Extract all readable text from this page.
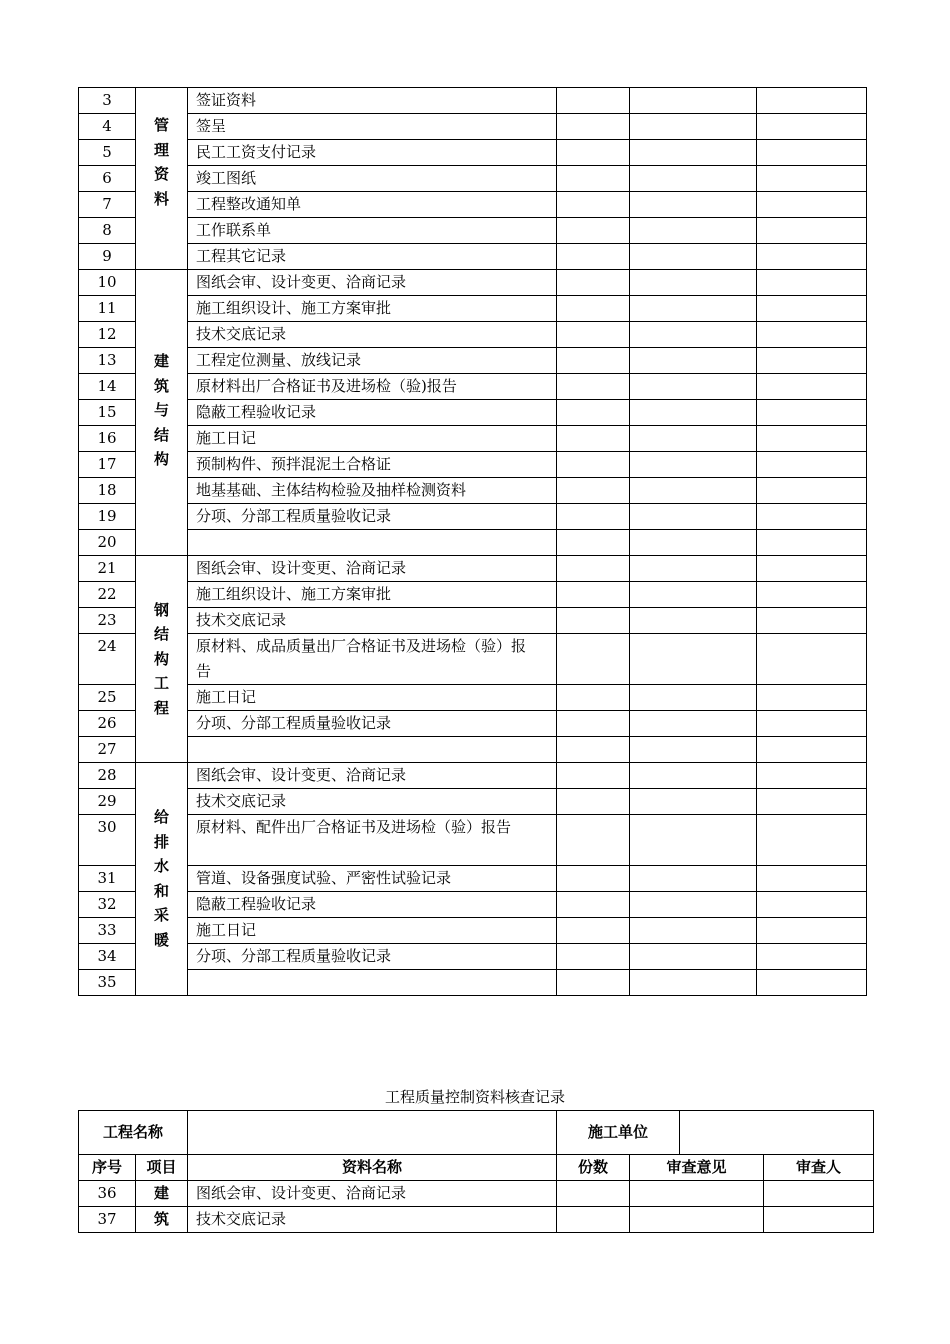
3	管理资料	签证资料			

4		签呈			

5		民工工资支付记录			

6		竣工图纸			

7		工程整改通知单			

8		工作联系单			

9		工程其它记录			

10	建筑与结构	图纸会审、设计变更、洽商记录			

11		施工组织设计、施工方案审批			

12		技术交底记录			

13		工程定位测量、放线记录			

14		原材料出厂合格证书及进场检（验)报告			

15		隐蔽工程验收记录			

16		施工日记			

17		预制构件、预拌混泥土合格证			

18		地基基础、主体结构检验及抽样检测资料			

19		分项、分部工程质量验收记录			

20		

21	钢结构工程	图纸会审、设计变更、洽商记录			

22		施工组织设计、施工方案审批			

23		技术交底记录			

24		原材料、成品质量出厂合格证书及进场检（验）报告			

25		施工日记			

26		分项、分部工程质量验收记录			

27		

28	给排水和采暖	图纸会审、设计变更、洽商记录			

29		技术交底记录			

30		原材料、配件出厂合格证书及进场检（验）报告			

31		管道、设备强度试验、严密性试验记录			

32		隐蔽工程验收记录			

33		施工日记			

34		分项、分部工程质量验收记录			

35		

工程质量控制资料核查记录
工程名称			施工单位			
序号	项目	资料名称	份数	审查意见		审查人
36	建	图纸会审、设计变更、洽商记录				
37	筑	技术交底记录				
